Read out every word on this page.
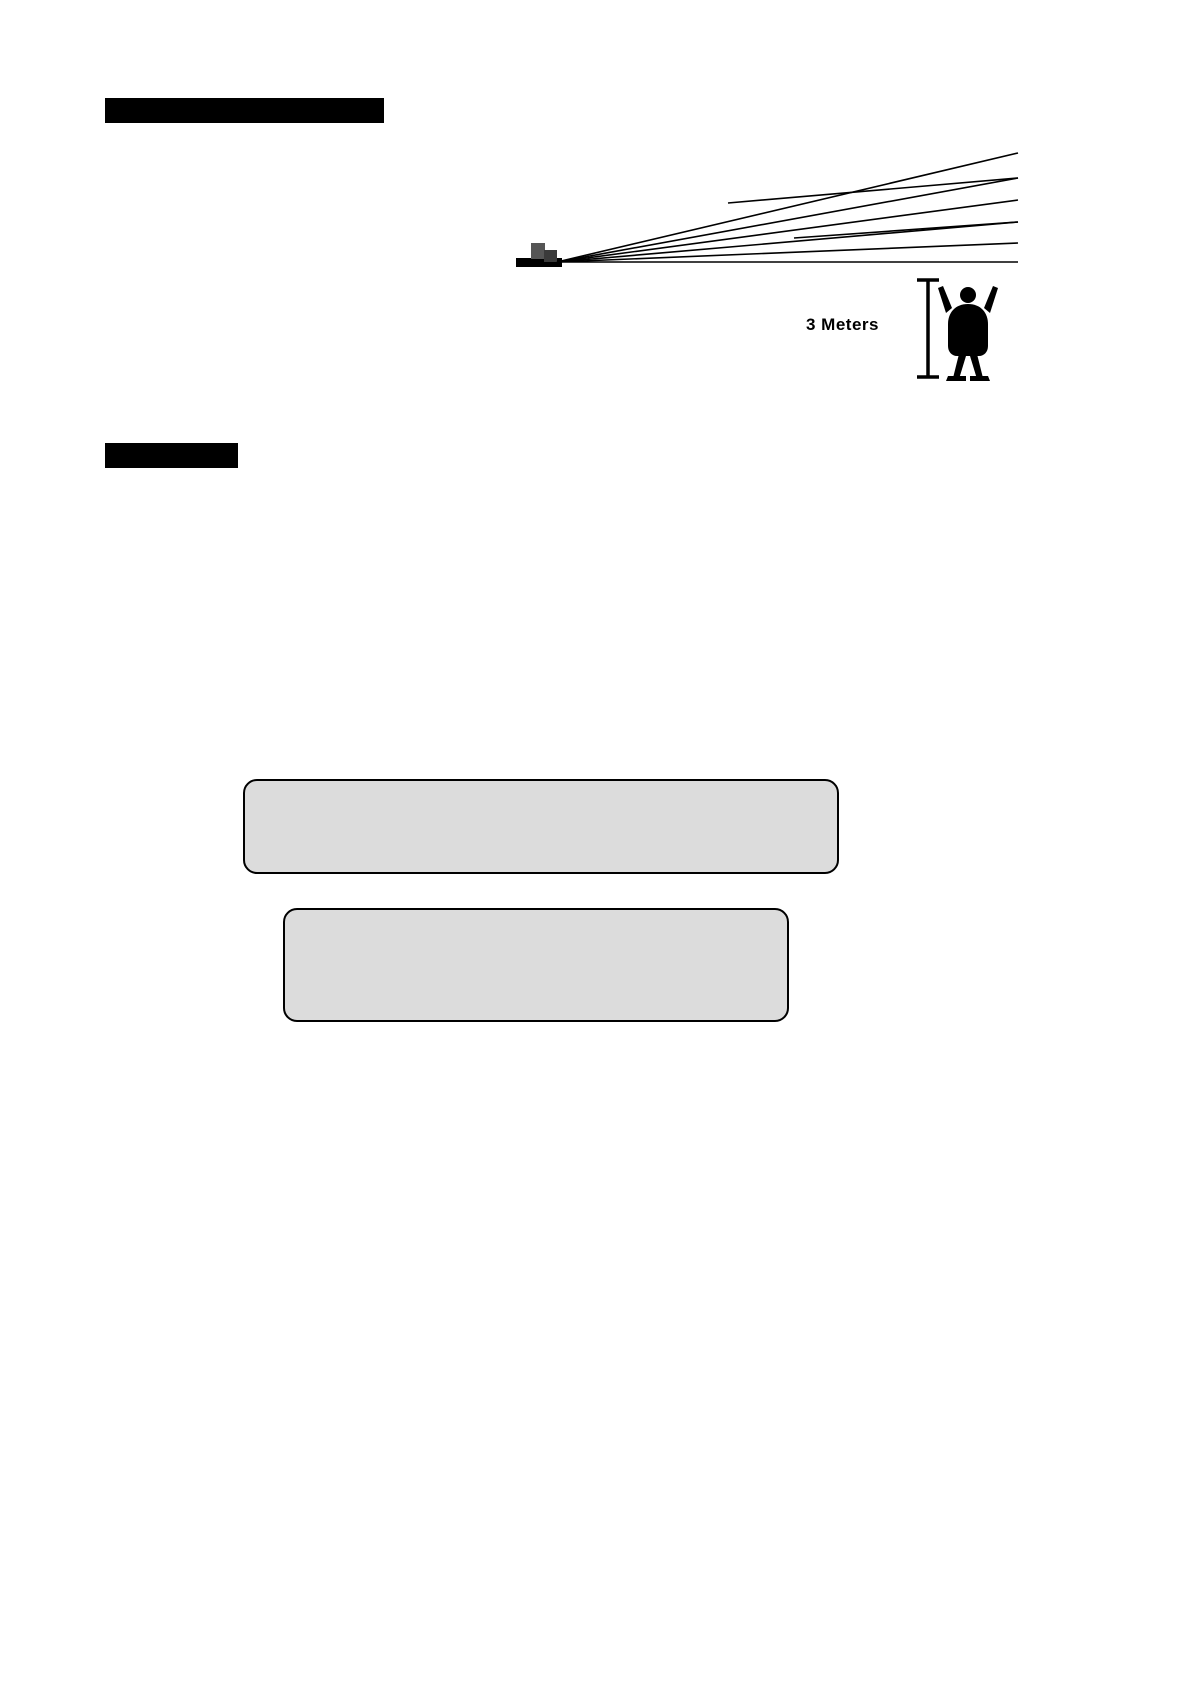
3 Meters
